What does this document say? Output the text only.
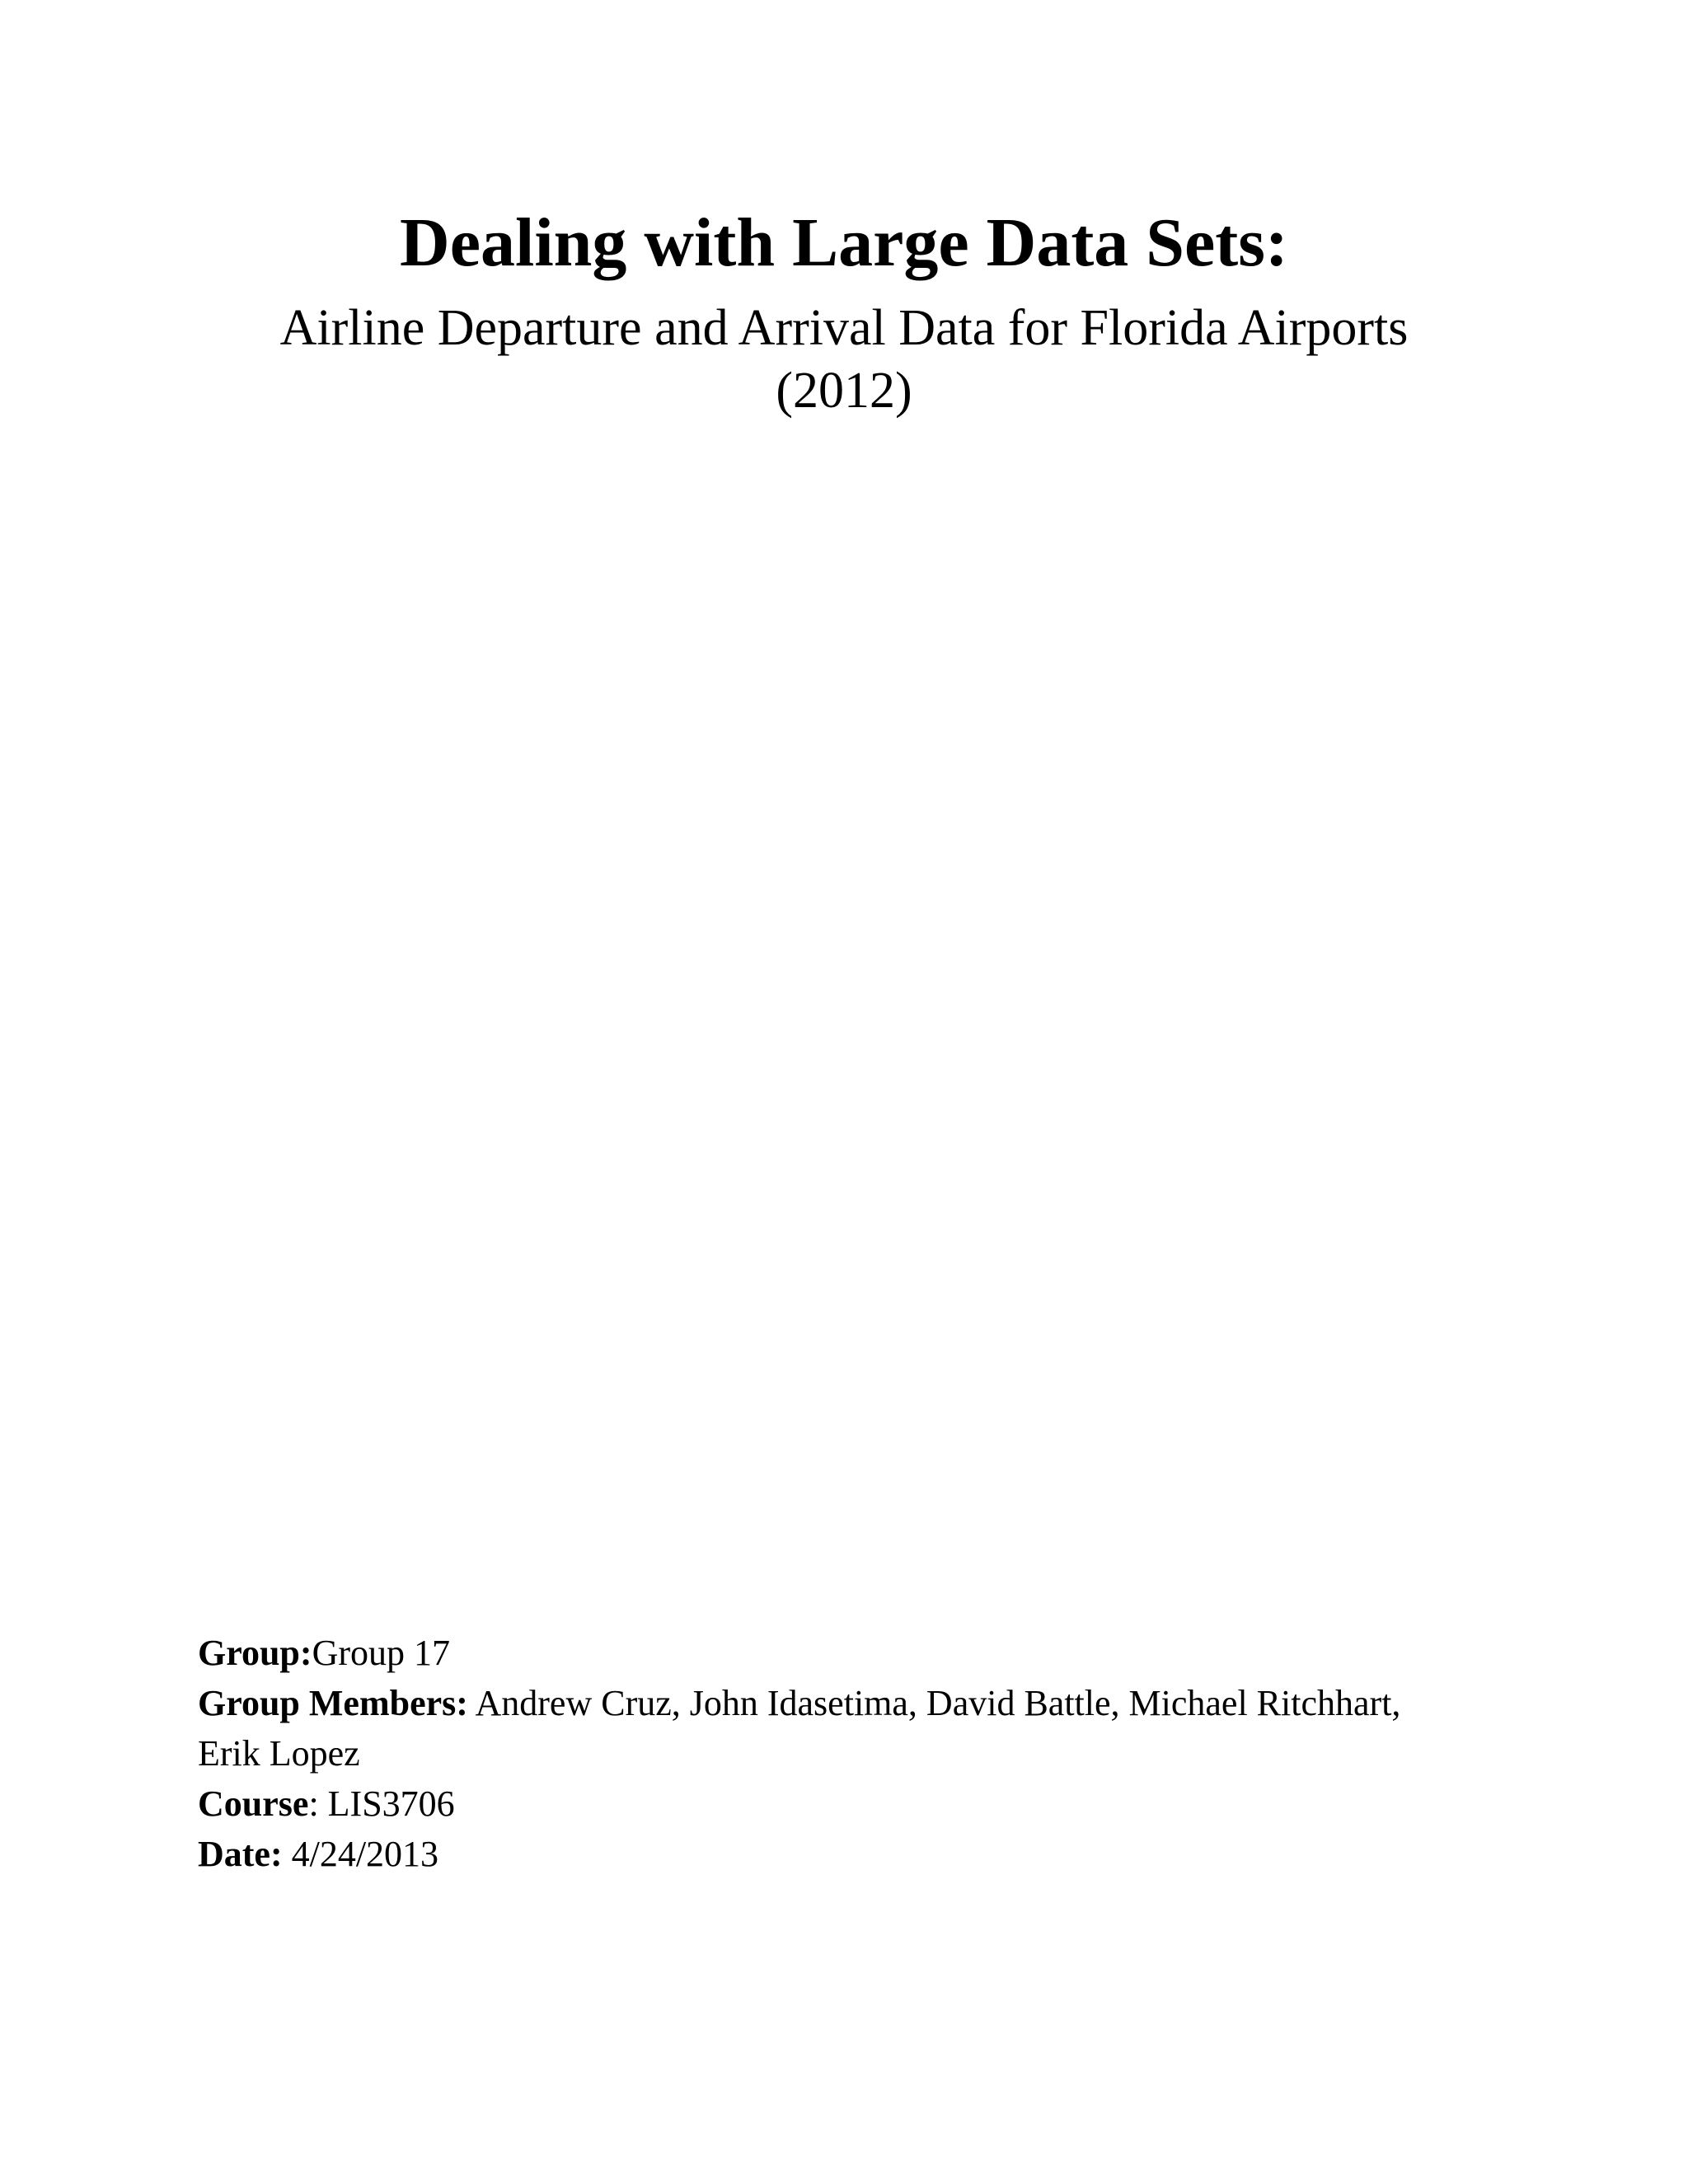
Dealing with Large Data Sets:
Airline Departure and Arrival Data for Florida Airports
(2012)

Group:Group 17

Group Members: Andrew Cruz, John Idasetima, David Battle, Michael Ritchhart,

Erik Lopez

Course: LIS3706

Date: 4/24/2013
